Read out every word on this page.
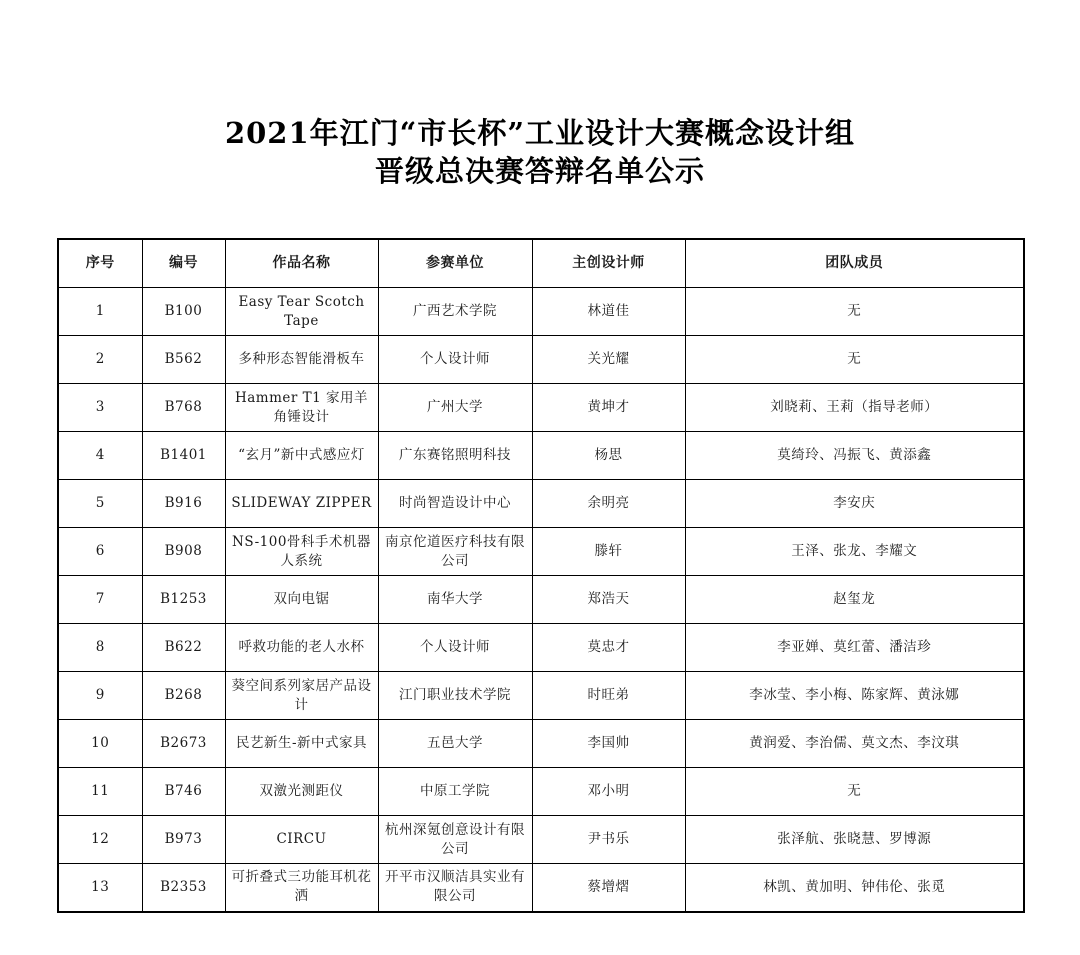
2021年江门“市长杯”工业设计大赛概念设计组
晋级总决赛答辩名单公示
序号	编号	作品名称	参赛单位	主创设计师	团队成员
1	B100	Easy Tear Scotch Tape	广西艺术学院	林道佳	无
2	B562	多种形态智能滑板车	个人设计师	关光耀	无
3	B768	Hammer T1 家用羊角锤设计	广州大学	黄坤才	刘晓莉、王莉（指导老师）
4	B1401	“玄月”新中式感应灯	广东赛铭照明科技	杨思	莫绮玲、冯振飞、黄添鑫
5	B916	SLIDEWAY ZIPPER	时尚智造设计中心	余明亮	李安庆
6	B908	NS-100骨科手术机器人系统	南京佗道医疗科技有限公司	滕轩	王泽、张龙、李耀文
7	B1253	双向电锯	南华大学	郑浩天	赵玺龙
8	B622	呼救功能的老人水杯	个人设计师	莫忠才	李亚婵、莫红蕾、潘洁珍
9	B268	葵空间系列家居产品设计	江门职业技术学院	时旺弟	李冰莹、李小梅、陈家辉、黄泳娜
10	B2673	民艺新生-新中式家具	五邑大学	李国帅	黄润爱、李治儒、莫文杰、李汶琪
11	B746	双激光测距仪	中原工学院	邓小明	无
12	B973	CIRCU	杭州深氪创意设计有限公司	尹书乐	张泽航、张晓慧、罗博源
13	B2353	可折叠式三功能耳机花洒	开平市汉顺洁具实业有限公司	蔡增熠	林凯、黄加明、钟伟伦、张觅
